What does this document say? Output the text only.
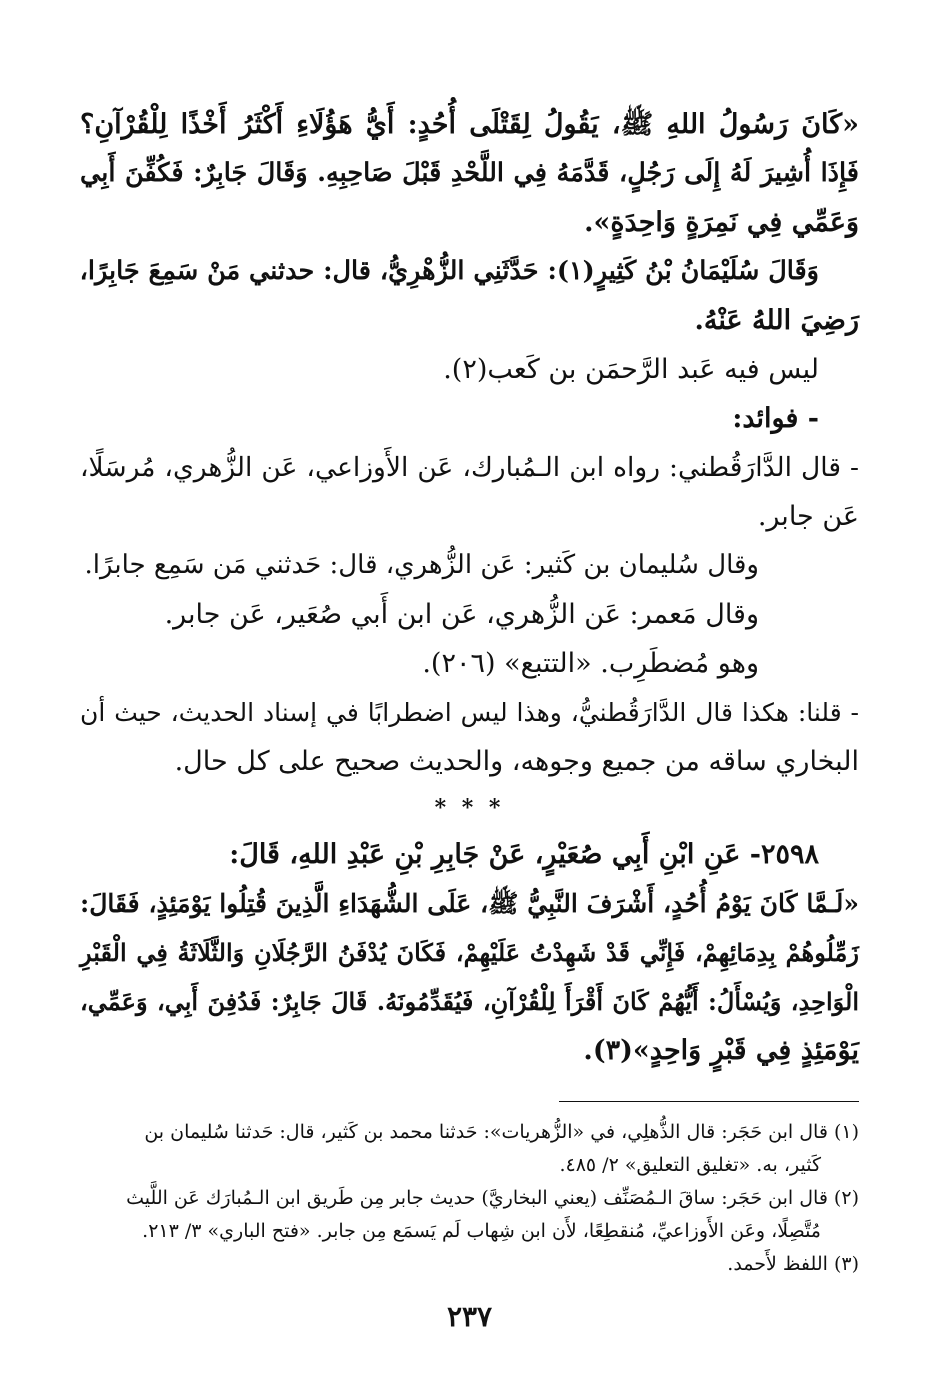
«كَانَ رَسُولُ اللهِ ﷺ، يَقُولُ لِقَتْلَى أُحُدٍ: أَيُّ هَؤُلَاءِ أَكْثَرُ أَخْذًا لِلْقُرْآنِ؟
فَإِذَا أُشِيرَ لَهُ إِلَى رَجُلٍ، قَدَّمَهُ فِي اللَّحْدِ قَبْلَ صَاحِبِهِ. وَقَالَ جَابِرٌ: فَكُفِّنَ أَبِي
وَعَمِّي فِي نَمِرَةٍ وَاحِدَةٍ».
وَقَالَ سُلَيْمَانُ بْنُ كَثِيرٍ(١): حَدَّثَنِي الزُّهْرِيُّ، قال: حدثني مَنْ سَمِعَ جَابِرًا،
رَضِيَ اللهُ عَنْهُ.
ليس فيه عَبد الرَّحمَن بن كَعب(٢).
- فوائد:
- قال الدَّارَقُطني: رواه ابن الـمُبارك، عَن الأَوزاعي، عَن الزُّهري، مُرسَلًا،
عَن جابر.
وقال سُليمان بن كَثير: عَن الزُّهري، قال: حَدثني مَن سَمِع جابرًا.
وقال مَعمر: عَن الزُّهري، عَن ابن أَبي صُعَير، عَن جابر.
وهو مُضطَرِب. «التتبع» (٢٠٦).
- قلنا: هكذا قال الدَّارَقُطنيُّ، وهذا ليس اضطرابًا في إسناد الحديث، حيث أن
البخاري ساقه من جميع وجوهه، والحديث صحيح على كل حال.
* * *
٢٥٩٨- عَنِ ابْنِ أَبِي صُعَيْرٍ، عَنْ جَابِرِ بْنِ عَبْدِ اللهِ، قَالَ:
«لَـمَّا كَانَ يَوْمُ أُحُدٍ، أَشْرَفَ النَّبِيُّ ﷺ، عَلَى الشُّهَدَاءِ الَّذِينَ قُتِلُوا يَوْمَئِذٍ، فَقَالَ:
زَمِّلُوهُمْ بِدِمَائِهِمْ، فَإِنِّي قَدْ شَهِدْتُ عَلَيْهِمْ، فَكَانَ يُدْفَنُ الرَّجُلَانِ وَالثَّلَاثَةُ فِي الْقَبْرِ
الْوَاحِدِ، وَيُسْأَلُ: أَيُّهُمْ كَانَ أَقْرَأَ لِلْقُرْآنِ، فَيُقَدِّمُونَهُ. قَالَ جَابِرٌ: فَدُفِنَ أَبِي، وَعَمِّي،
يَوْمَئِذٍ فِي قَبْرٍ وَاحِدٍ»(٣).
(١) قال ابن حَجَر: قال الذُّهلِي، في «الزُّهريات»: حَدثنا محمد بن كَثير، قال: حَدثنا سُليمان بن
كَثير، به. «تغليق التعليق» ٢/ ٤٨٥.
(٢) قال ابن حَجَر: ساقَ الـمُصَنِّف (يعني البخاريَّ) حديث جابر مِن طَريق ابن الـمُبارَك عَن اللَّيث
مُتَّصِلًا، وعَن الأَوزاعيِّ، مُنقطِعًا، لأَن ابن شِهاب لَم يَسمَع مِن جابر. «فتح الباري» ٣/ ٢١٣.
(٣) اللفظ لأَحمد.
٢٣٧
